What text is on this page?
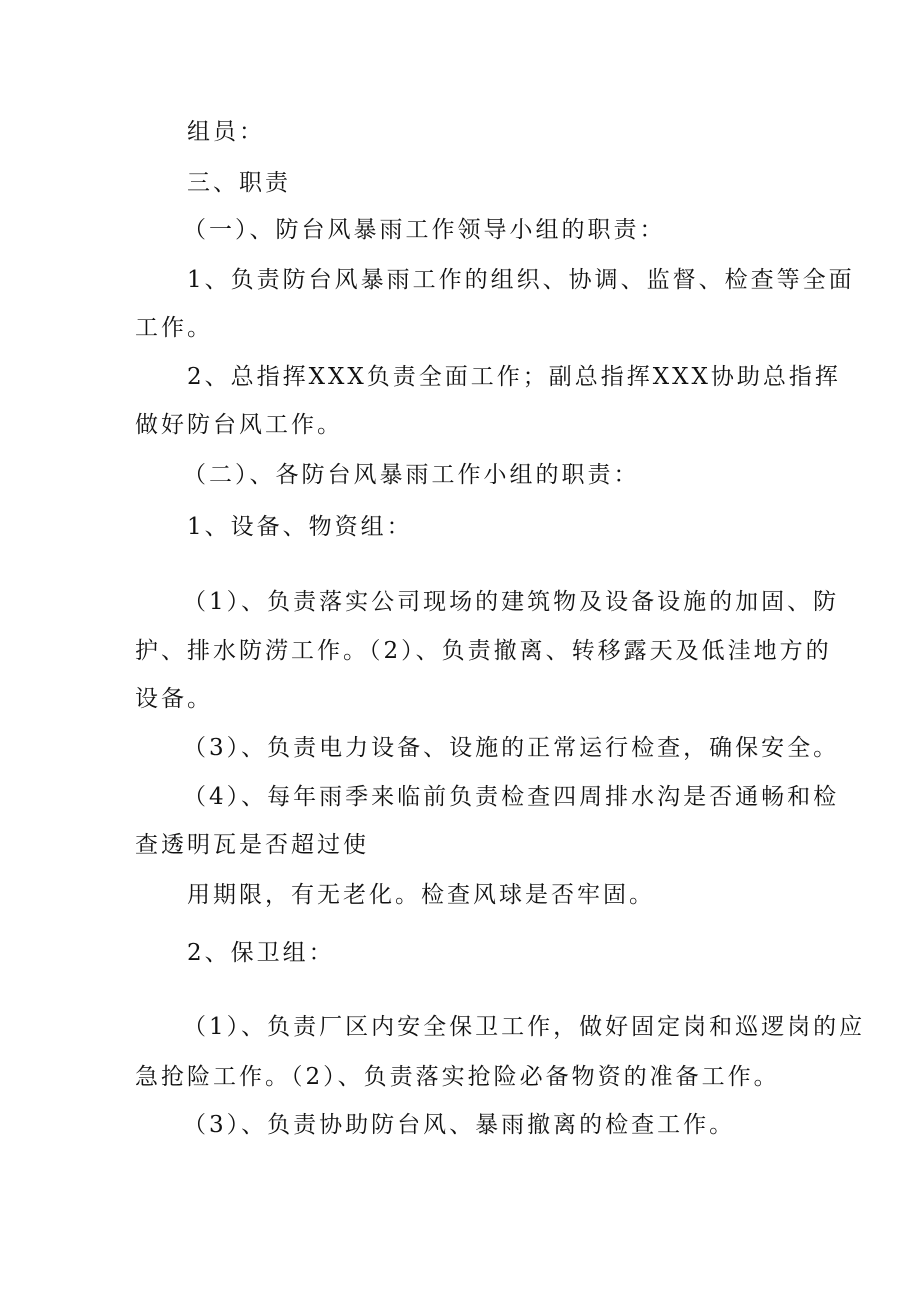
组员：

三、职责

（一）、防台风暴雨工作领导小组的职责：

1、负责防台风暴雨工作的组织、协调、监督、检查等全面

工作。

2、总指挥XXX负责全面工作；副总指挥XXX协助总指挥

做好防台风工作。

（二）、各防台风暴雨工作小组的职责：

1、设备、物资组：

（1）、负责落实公司现场的建筑物及设备设施的加固、防

护、排水防涝工作。（2）、负责撤离、转移露天及低洼地方的

设备。

（3）、负责电力设备、设施的正常运行检查，确保安全。

（4）、每年雨季来临前负责检查四周排水沟是否通畅和检

查透明瓦是否超过使

用期限，有无老化。检查风球是否牢固。

2、保卫组：

（1）、负责厂区内安全保卫工作，做好固定岗和巡逻岗的应

急抢险工作。（2）、负责落实抢险必备物资的准备工作。

（3）、负责协助防台风、暴雨撤离的检查工作。
